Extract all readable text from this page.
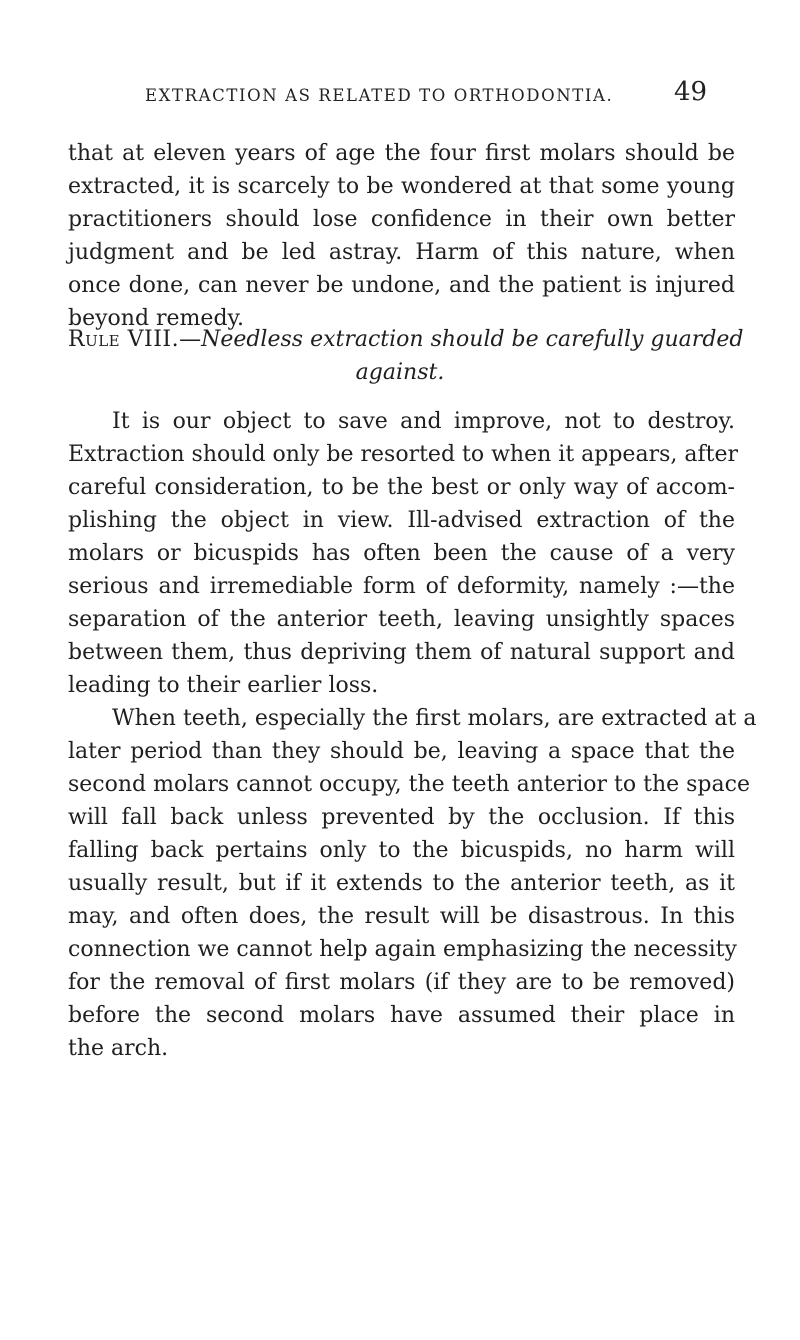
EXTRACTION AS RELATED TO ORTHODONTIA. 49
that at eleven years of age the four first molars should be
extracted, it is scarcely to be wondered at that some young
practitioners should lose confidence in their own better
judgment and be led astray. Harm of this nature, when
once done, can never be undone, and the patient is injured
beyond remedy.
Rule VIII.—Needless extraction should be carefully guarded
against.
It is our object to save and improve, not to destroy.
Extraction should only be resorted to when it appears, after
careful consideration, to be the best or only way of accom-
plishing the object in view. Ill-advised extraction of the
molars or bicuspids has often been the cause of a very
serious and irremediable form of deformity, namely :—the
separation of the anterior teeth, leaving unsightly spaces
between them, thus depriving them of natural support and
leading to their earlier loss.
When teeth, especially the first molars, are extracted at a
later period than they should be, leaving a space that the
second molars cannot occupy, the teeth anterior to the space
will fall back unless prevented by the occlusion. If this
falling back pertains only to the bicuspids, no harm will
usually result, but if it extends to the anterior teeth, as it
may, and often does, the result will be disastrous. In this
connection we cannot help again emphasizing the necessity
for the removal of first molars (if they are to be removed)
before the second molars have assumed their place in
the arch.
